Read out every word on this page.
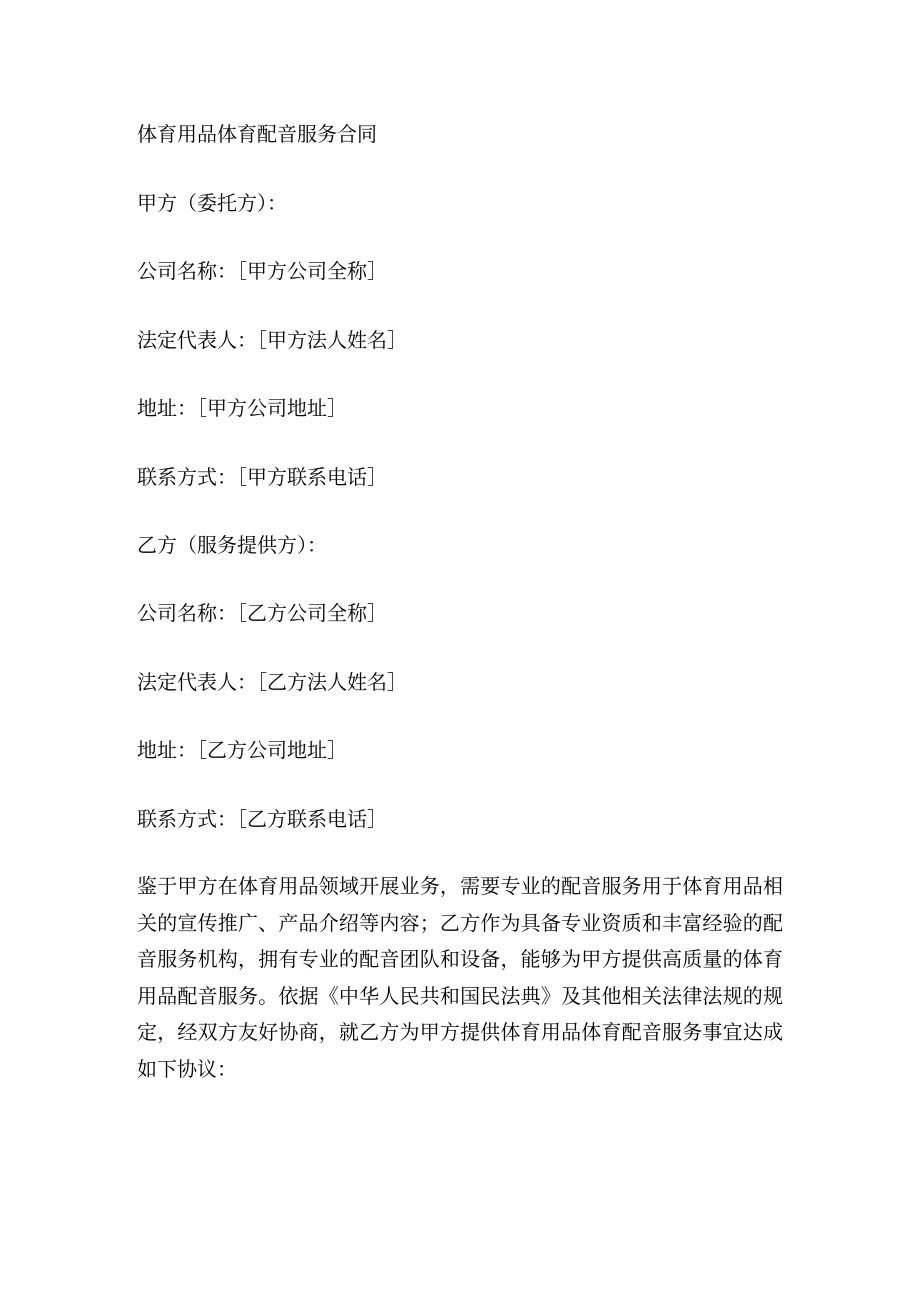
体育用品体育配音服务合同

甲方（委托方）：

公司名称：［甲方公司全称］

法定代表人：［甲方法人姓名］

地址：［甲方公司地址］

联系方式：［甲方联系电话］

乙方（服务提供方）：

公司名称：［乙方公司全称］

法定代表人：［乙方法人姓名］

地址：［乙方公司地址］

联系方式：［乙方联系电话］

鉴于甲方在体育用品领域开展业务，需要专业的配音服务用于体育用品相关的宣传推广、产品介绍等内容；乙方作为具备专业资质和丰富经验的配音服务机构，拥有专业的配音团队和设备，能够为甲方提供高质量的体育用品配音服务。依据《中华人民共和国民法典》及其他相关法律法规的规定，经双方友好协商，就乙方为甲方提供体育用品体育配音服务事宜达成如下协议：
